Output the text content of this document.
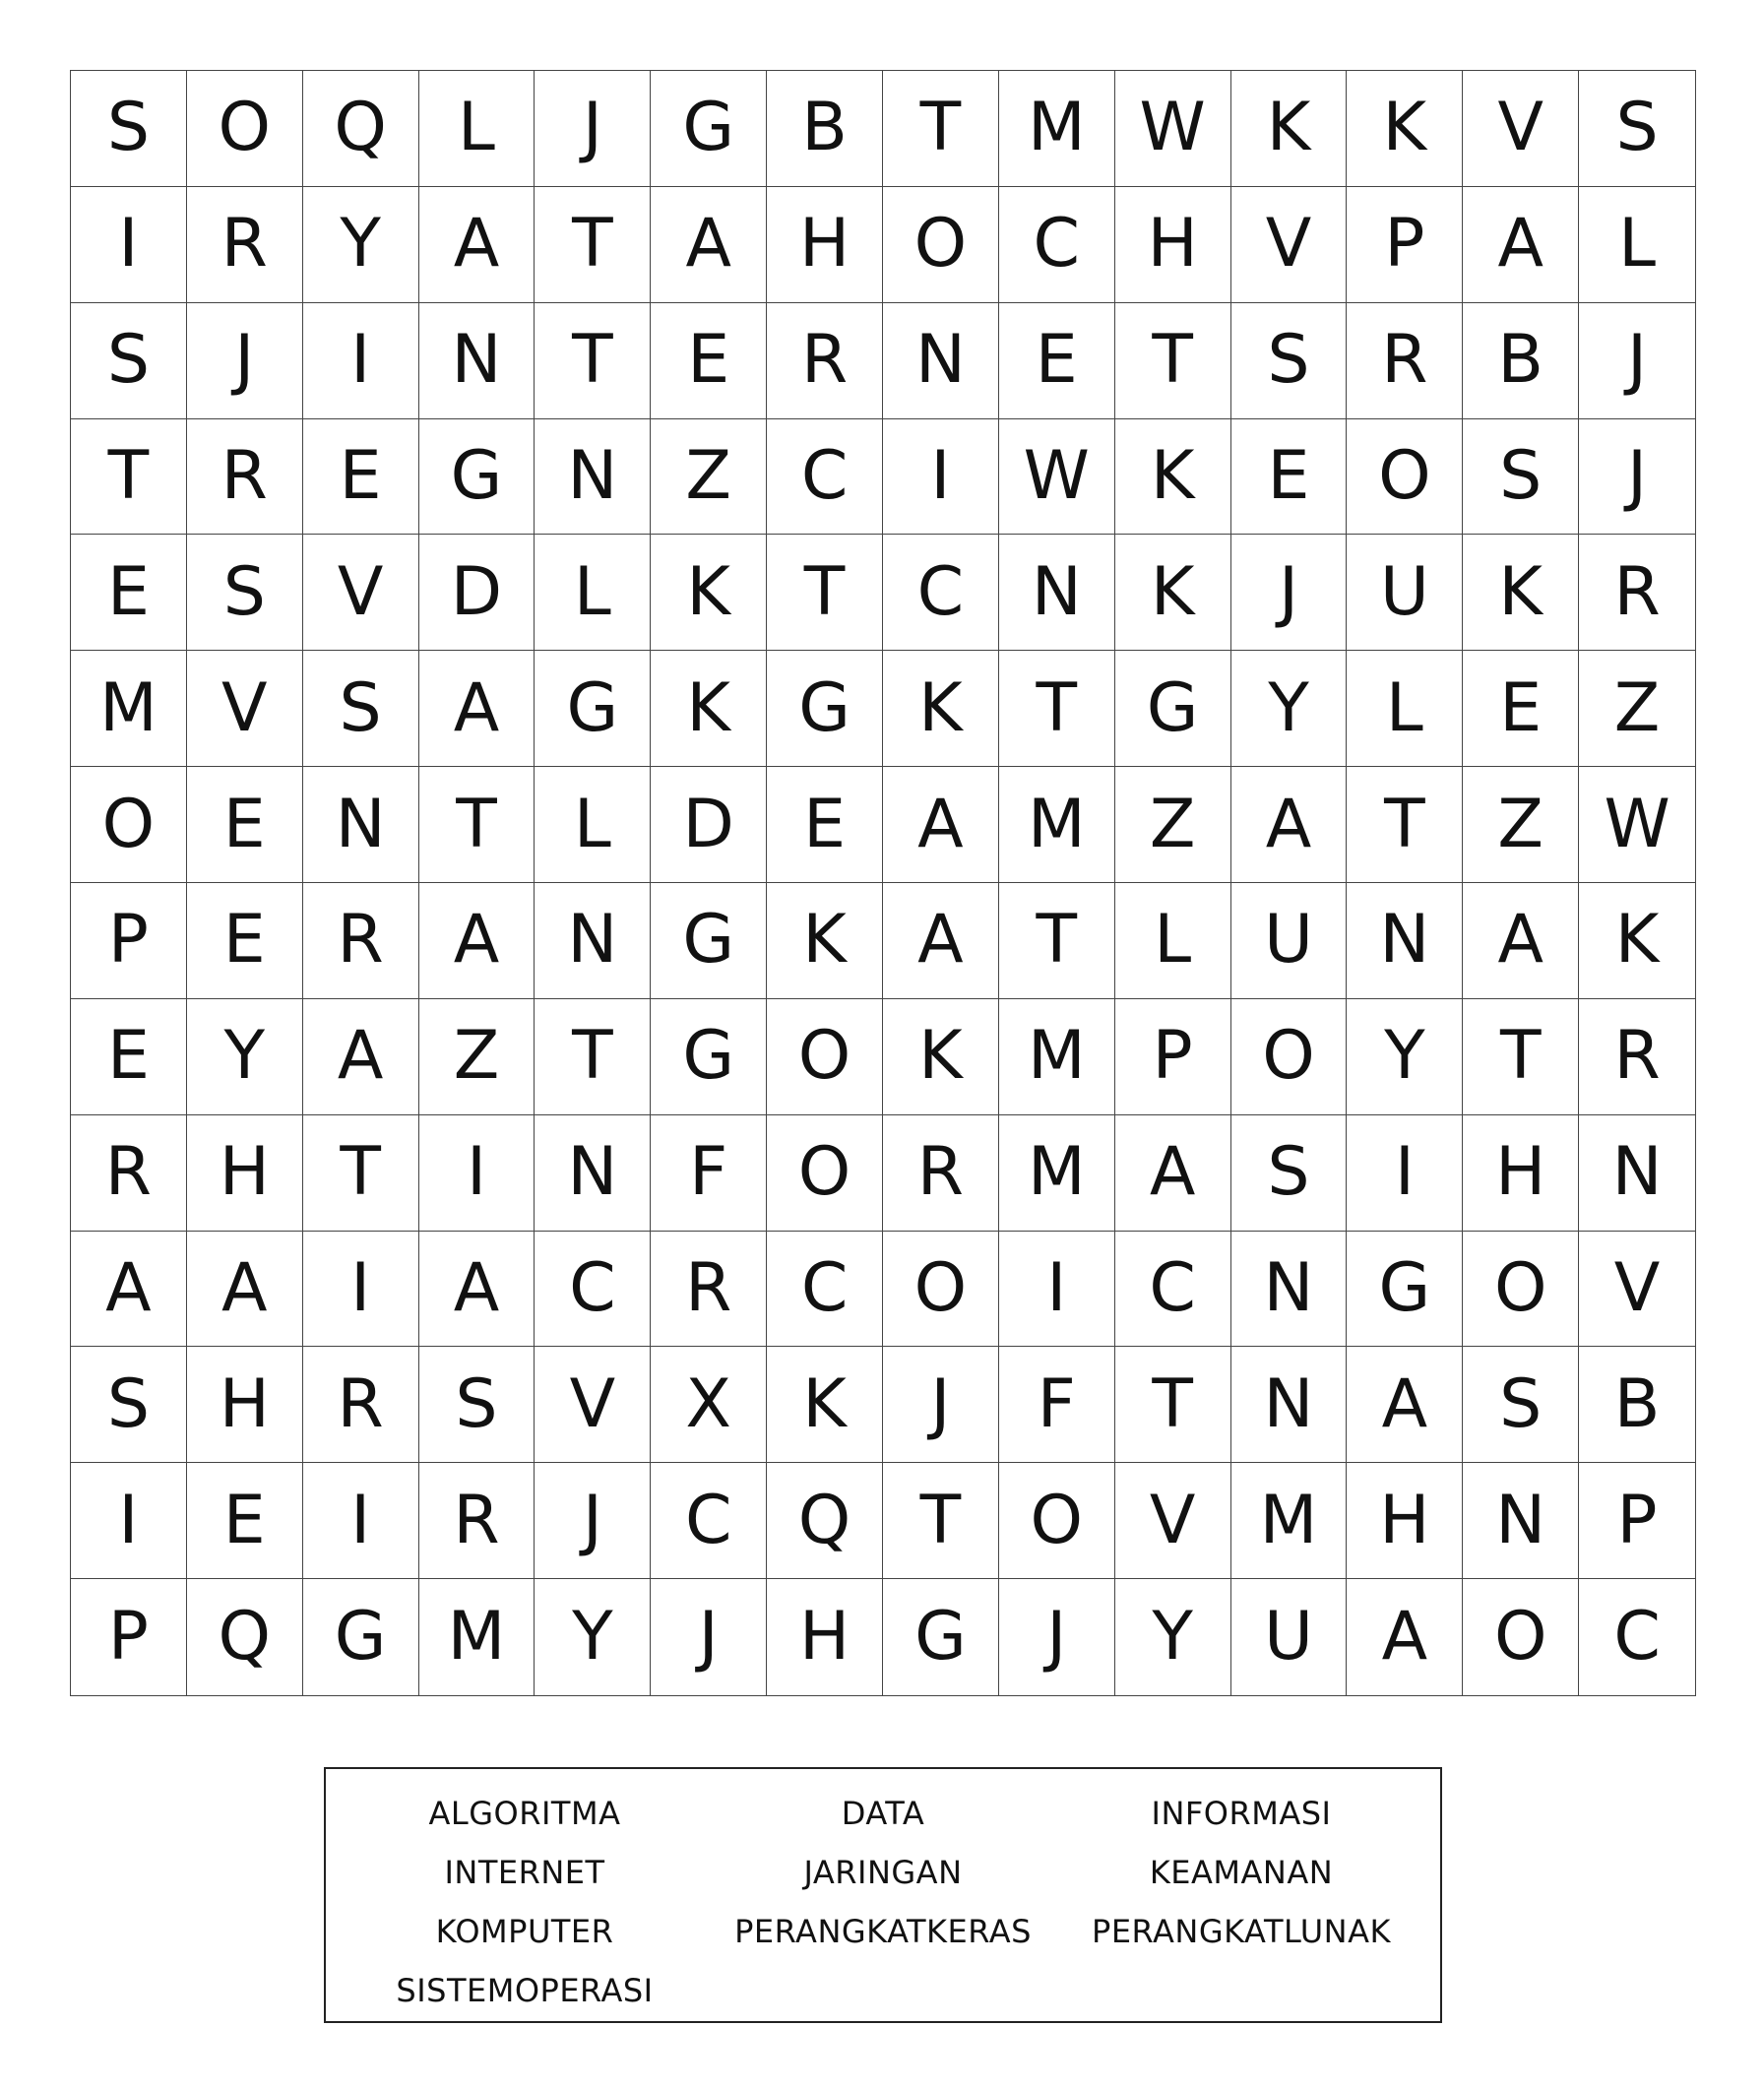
S	O Q	L	J	G	B	T M W K	K	V	S
I	R	Y	A	T	A	H O C	H	V	P	A	L
S	J	I	N	T	E	R	N	E	T	S	R	B	J
T	R	E	G N	Z	C	I	W K	E	O	S	J
E	S	V	D	L	K	T	C	N	K	J	U	K	R
M V	S	A	G	K	G	K	T	G	Y	L	E	Z
O	E	N	T	L	D	E	A M Z	A	T	Z W
P	E	R	A	N G	K	A	T	L	U N	A	K
E	Y	A	Z	T	G O	K M	P	O	Y	T	R
R	H	T	I	N	F	O R M A	S	I	H N
A	A	I	A	C	R	C O	I	C	N G O	V
S	H	R	S	V	X	K	J	F	T	N	A	S	B
I	E	I	R	J	C Q	T	O V M H N	P
P	Q G M Y	J	H G	J	Y	U	A O C
ALGORITMA	DATA	INFORMASI
INTERNET	JARINGAN	KEAMANAN
KOMPUTER	PERANGKATKERAS	PERANGKATLUNAK
SISTEMOPERASI
